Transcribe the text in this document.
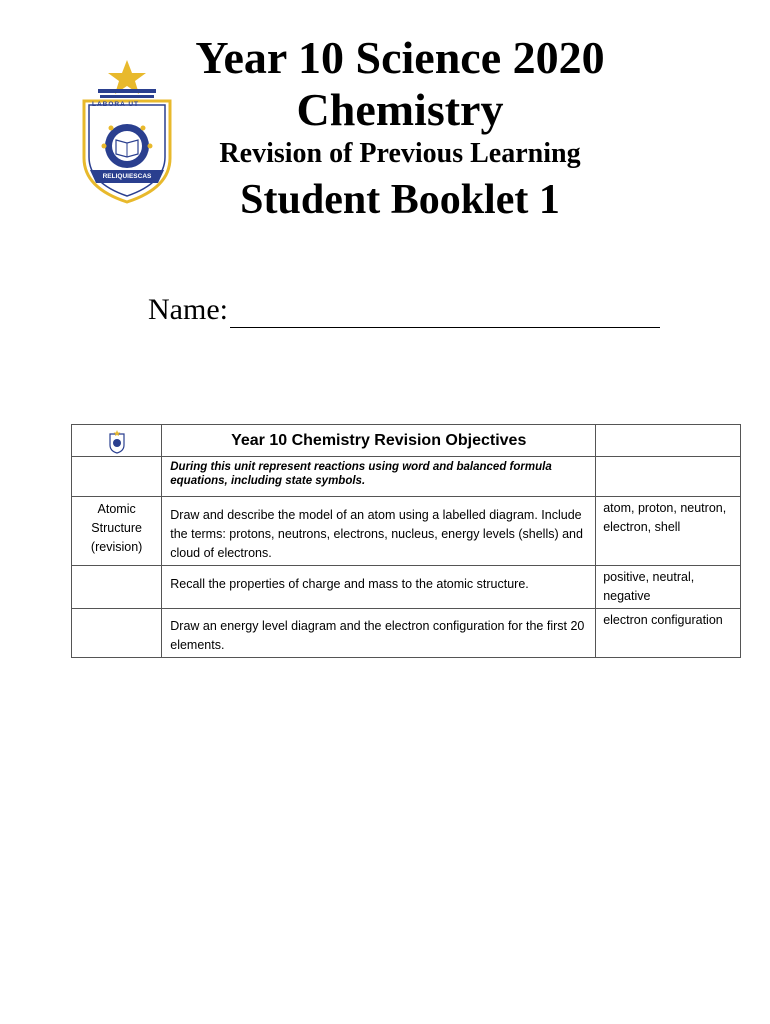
LABORA UT
RELIQUIESCAS
Year 10 Science 2020
Chemistry
Revision of Previous Learning
Student Booklet 1
Name:
	Year 10 Chemistry Revision Objectives	
	During this unit represent reactions using word and balanced formula equations, including state symbols.	
Atomic Structure (revision)	Draw and describe the model of an atom using a labelled diagram. Include the terms: protons, neutrons, electrons, nucleus, energy levels (shells) and cloud of electrons.	atom, proton, neutron, electron, shell
	Recall the properties of charge and mass to the atomic structure.	positive, neutral, negative
	Draw an energy level diagram and the electron configuration for the first 20 elements.	electron configuration
